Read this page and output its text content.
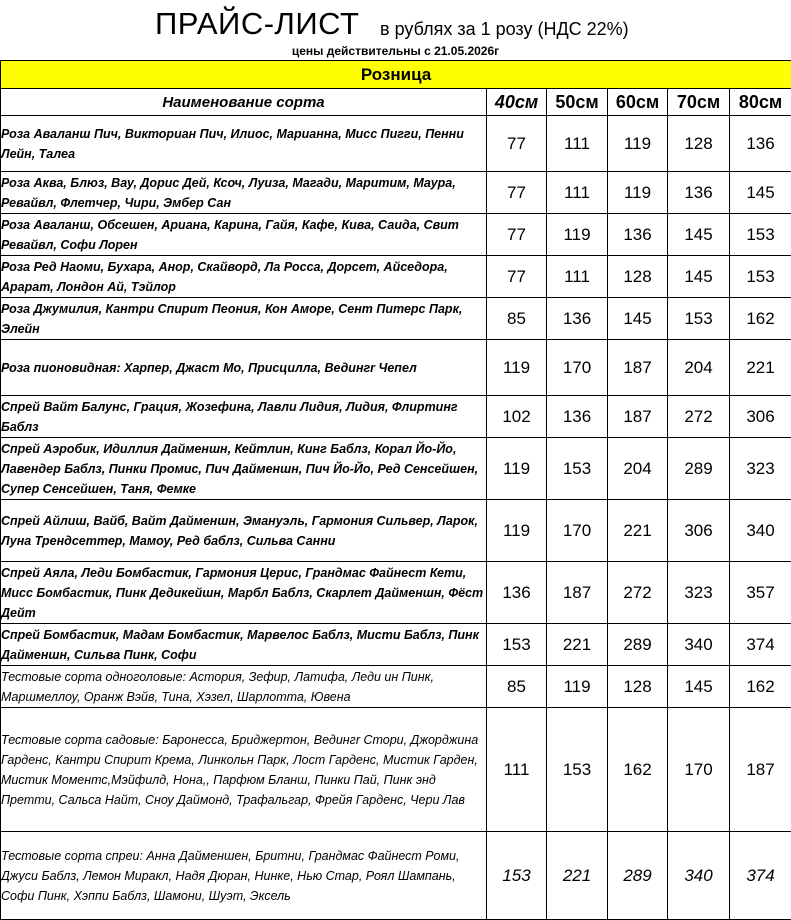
ПРАЙС-ЛИСТ в рублях за 1 розу (НДС 22%)
цены действительны с 21.05.2026г
Розница					
Наименование сорта	40см	50см	60см	70см	80см
Роза Аваланш Пич, Викториан Пич, Илиос, Марианна, Мисс Пигги, Пенни Лейн, Талеа	77	111	119	128	136
Роза Аква, Блюз, Вау, Дорис Дей, Ксоч, Луиза, Магади, Маритим, Маура, Ревайвл, Флетчер, Чири, Эмбер Сан	77	111	119	136	145
Роза Аваланш, Обсешен, Ариана, Карина, Гайя, Кафе, Кива, Саида, Свит Ревайвл, Софи Лорен	77	119	136	145	153
Роза Ред Наоми, Бухара, Анор, Скайворд, Ла Росса, Дорсет, Айседора, Арарат, Лондон Ай, Тэйлор	77	111	128	145	153
Роза Джумилия, Кантри Спирит Пеония, Кон Аморе, Сент Питерс Парк, Элейн	85	136	145	153	162
Роза пионовидная: Харпер, Джаст Мо, Присцилла, Ведингr Чепел	119	170	187	204	221
Спрей Вайт Балунс, Грация, Жозефина, Лавли Лидия, Лидия, Флиртинг Баблз	102	136	187	272	306
Спрей Аэробик, Идиллия Дайменшн, Кейтлин, Кинг Баблз, Корал Йо-Йо, Лавендер Баблз, Пинки Промис, Пич Дайменшн, Пич Йо-Йо, Ред Сенсейшен, Супер Сенсейшен, Таня, Фемке	119	153	204	289	323
Спрей Айлиш, Вайб, Вайт Дайменшн, Эмануэль, Гармония Сильвер, Ларок, Луна Трендсеттер, Мамоу, Ред баблз, Сильва Санни	119	170	221	306	340
Спрей Аяла, Леди Бомбастик, Гармония Церис, Грандмас Файнест Кети, Мисс Бомбастик, Пинк Дедикейшн, Марбл Баблз, Скарлет Дайменшн, Фёст Дейт	136	187	272	323	357
Спрей Бомбастик, Мадам Бомбастик, Марвелос Баблз, Мисти Баблз, Пинк Дайменшн, Сильва Пинк, Софи	153	221	289	340	374
Тестовые сорта одноголовые: Астория, Зефир, Латифа, Леди ин Пинк, Маршмеллоу, Оранж Вэйв, Тина, Хэзел, Шарлотта, Ювена	85	119	128	145	162
Тестовые сорта садовые: Баронесса, Бриджертон, Ведингr Стори, Джорджина Гарденс, Кантри Спирит Крема, Линкольн Парк, Лост Гарденс, Мистик Гарден, Мистик Моментс,Мэйфилд, Нона,, Парфюм Бланш, Пинки Пай, Пинк энд Претти, Сальса Найт, Сноу Даймонд, Трафальгар, Фрейя Гарденс, Чери Лав	111	153	162	170	187
Тестовые сорта спреи: Анна Дайменшен, Бритни, Грандмас Файнест Роми, Джуси Баблз, Лемон Миракл, Надя Дюран, Нинке, Нью Стар, Роял Шампань, Софи Пинк, Хэппи Баблз, Шамони, Шуэт, Эксель	153	221	289	340	374
